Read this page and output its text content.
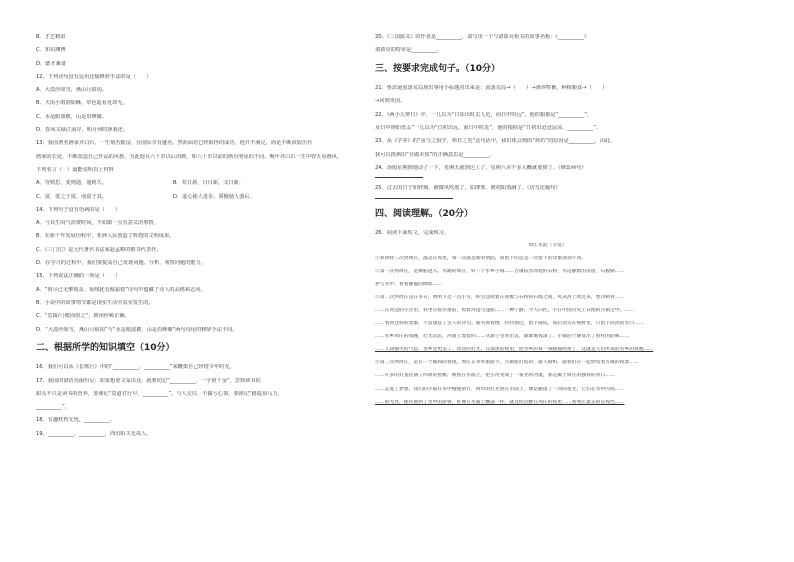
B．才艺精湛

C．知识渊博

D．德才兼备

12、下列诗句没有运用比喻修辞手法的是（　　）

A．大漠沙如雪，燕山月似钩。

B．天街小雨润如酥，草色遥看近却无。

C．水是眼波横，山是眉峰聚。

D．春风又绿江南岸，明月何时照我还。

13、我国著名画家齐白石，一生刻苦勤奋，在国际享有盛名。然而面对已经取得的成功，他并不满足，而是不断汲取历代

画家的长处，不断改造自己作品的风格，为此他在六十岁以后的画，和六十岁以前的画有明显的不同。晚年齐白石一生中曾五易画风。

下列名言（　）最能说明以上材料

A．穷则思，变则通，通则久。	B．苟日新，日日新，又日新。
C．富，欲之于富，而富于其。	D．虚心使人进步，骄傲使人落后。

14、下列句子没有语病的是（　　）

A．与其生闷气消费时间，不如做一点有意义的事情。

B．在新干年发展历程中，亚洲人民创造了辉煌的文明成果。

C．《三门记》是元代著名书法家赵孟頫的楷书代表作。

D．在学习的过程中，我们要提高自己发现问题、分析、观察问题的能力。

15、下列说法正确的一项是（　　）

A．“荷尽已无擎雨盖，菊残犹有傲霜枝”诗句中蕴藏了诗人的品格和志向。

B．小说中的故事情节都是现实生活中真实发生的。

C．“思援/弓缴而射之”，朗读停顿正确。

D．“大漠沙如雪，燕山月似钩”与“水是眼波横，山是眉峰聚”两句诗用的修辞手法不同。

二、根据所学的知识填空（10分）

16、我们可以从《长歌行》中的“__________，__________”来鞭策自己珍惜少年时光。

17、我国的谚语亮丽纷呈：如果想要文采出众，就要切记“__________，一字值千金”，尝到读书的

甜头不只是读书的营养，要谨记“莫道君行早，__________”。与人交往，不做亏心事，要铭记“路遥知马力，

__________”。

18、有趣枕枕无忧，__________。

19、__________，__________，西出阳关无故人。

20、《三国演义》的作者是__________，请写出一个与诸葛亮相关的故事名称：《__________》

诸葛亮的特征是__________。

三、按要求完成句子。（10分）

21、鲁滨逊流落荒岛现出事用小标题对出来是：流落荒岛→（　　）→驯养牲畜、种植粮食→（　　）

→回到英国。

22、《两小儿辩日》中，一儿以为“日始出时去人近，而日中时远”，他的根据是“__________”，

及日中则如盘盂”一儿以为“日初出远，而日中时近”，他的根据是“日初出沧沧凉凉，__________”。

23、从《学弈》的“虽与之俱学，弗若之矣”这句话中，我们体会到的“弗若”的原因是__________，由此，

我可以推测出“自做未知”的正确意思是__________。

24、汤姆星期到地动了一下，星期五就到达上了，星期六差不多大概就要到了。（修改病句）

25、过去的日子如轻烟，被微风吹散了，如薄雾，被初阳蒸融了。（仿写比喻句）

四、阅读理解。（20分）

26、阅读下面短文，完成练习。

周庄水韵（节选）

①我曾经三次到周庄，都是在夜里，每一次都是新的情韵，而留下的总是一次留下的印象深刻不同。

②第一次到周庄，是乘船进入。水路的周庄，好一个水乡小镇……古镇依水而建的石桥，水边静默的房屋、石板路……

梦与水中，看着静谧的倒影……

③第二次到周庄是在冬日，明明下过一点小雪，积雪还附着在屋檐与石桥的石缝之间，风从河上吹过来，寒冷刺骨……

……在河边的小店里，我坐在临水窗前，看着河边乌篷船……一种宁静，令人向往，不在中国历史上其他的古镇之中。……

……看到这样的景象，不禁想起了古人的诗句。船夫摇着橹，轻轻划过，留下波纹，而后消失在视野里，只留下淡淡的水汽……

……水乡周庄的夜晚，灯光沉沉，河面上漂着的……从窗子里看出去，渐渐地夜深了，小镇的宁静显出了别样的韵味……

……人间烟火的气息，水乡里更美了。淡淡的灯光，在漆黑的夜里，把水乡的每一条路都照亮了，这就是人们所说的水乡的夜晚……

④第三次到周庄，是在一个暖和的春夜。周庄正举办旅游节，古镇张灯结彩，游人如织，游客们在一起欣赏着古镇的夜景……

……许多的灯笼挂满了四周的屋檐，映照在水面上，把小河变成了一条光的河流，那是属于周庄的独特的春日……

……走进了梦想。我们的小船在水中慢慢滑行，两岸的灯光照在水面上，像是撒落了一河的星光，它们在水中闪烁……

……的光亮，使你感到了水中的影射，好像在水面上飘荡一样，就这样沉醉在周庄的夜里……看周庄最美的是夜色……
